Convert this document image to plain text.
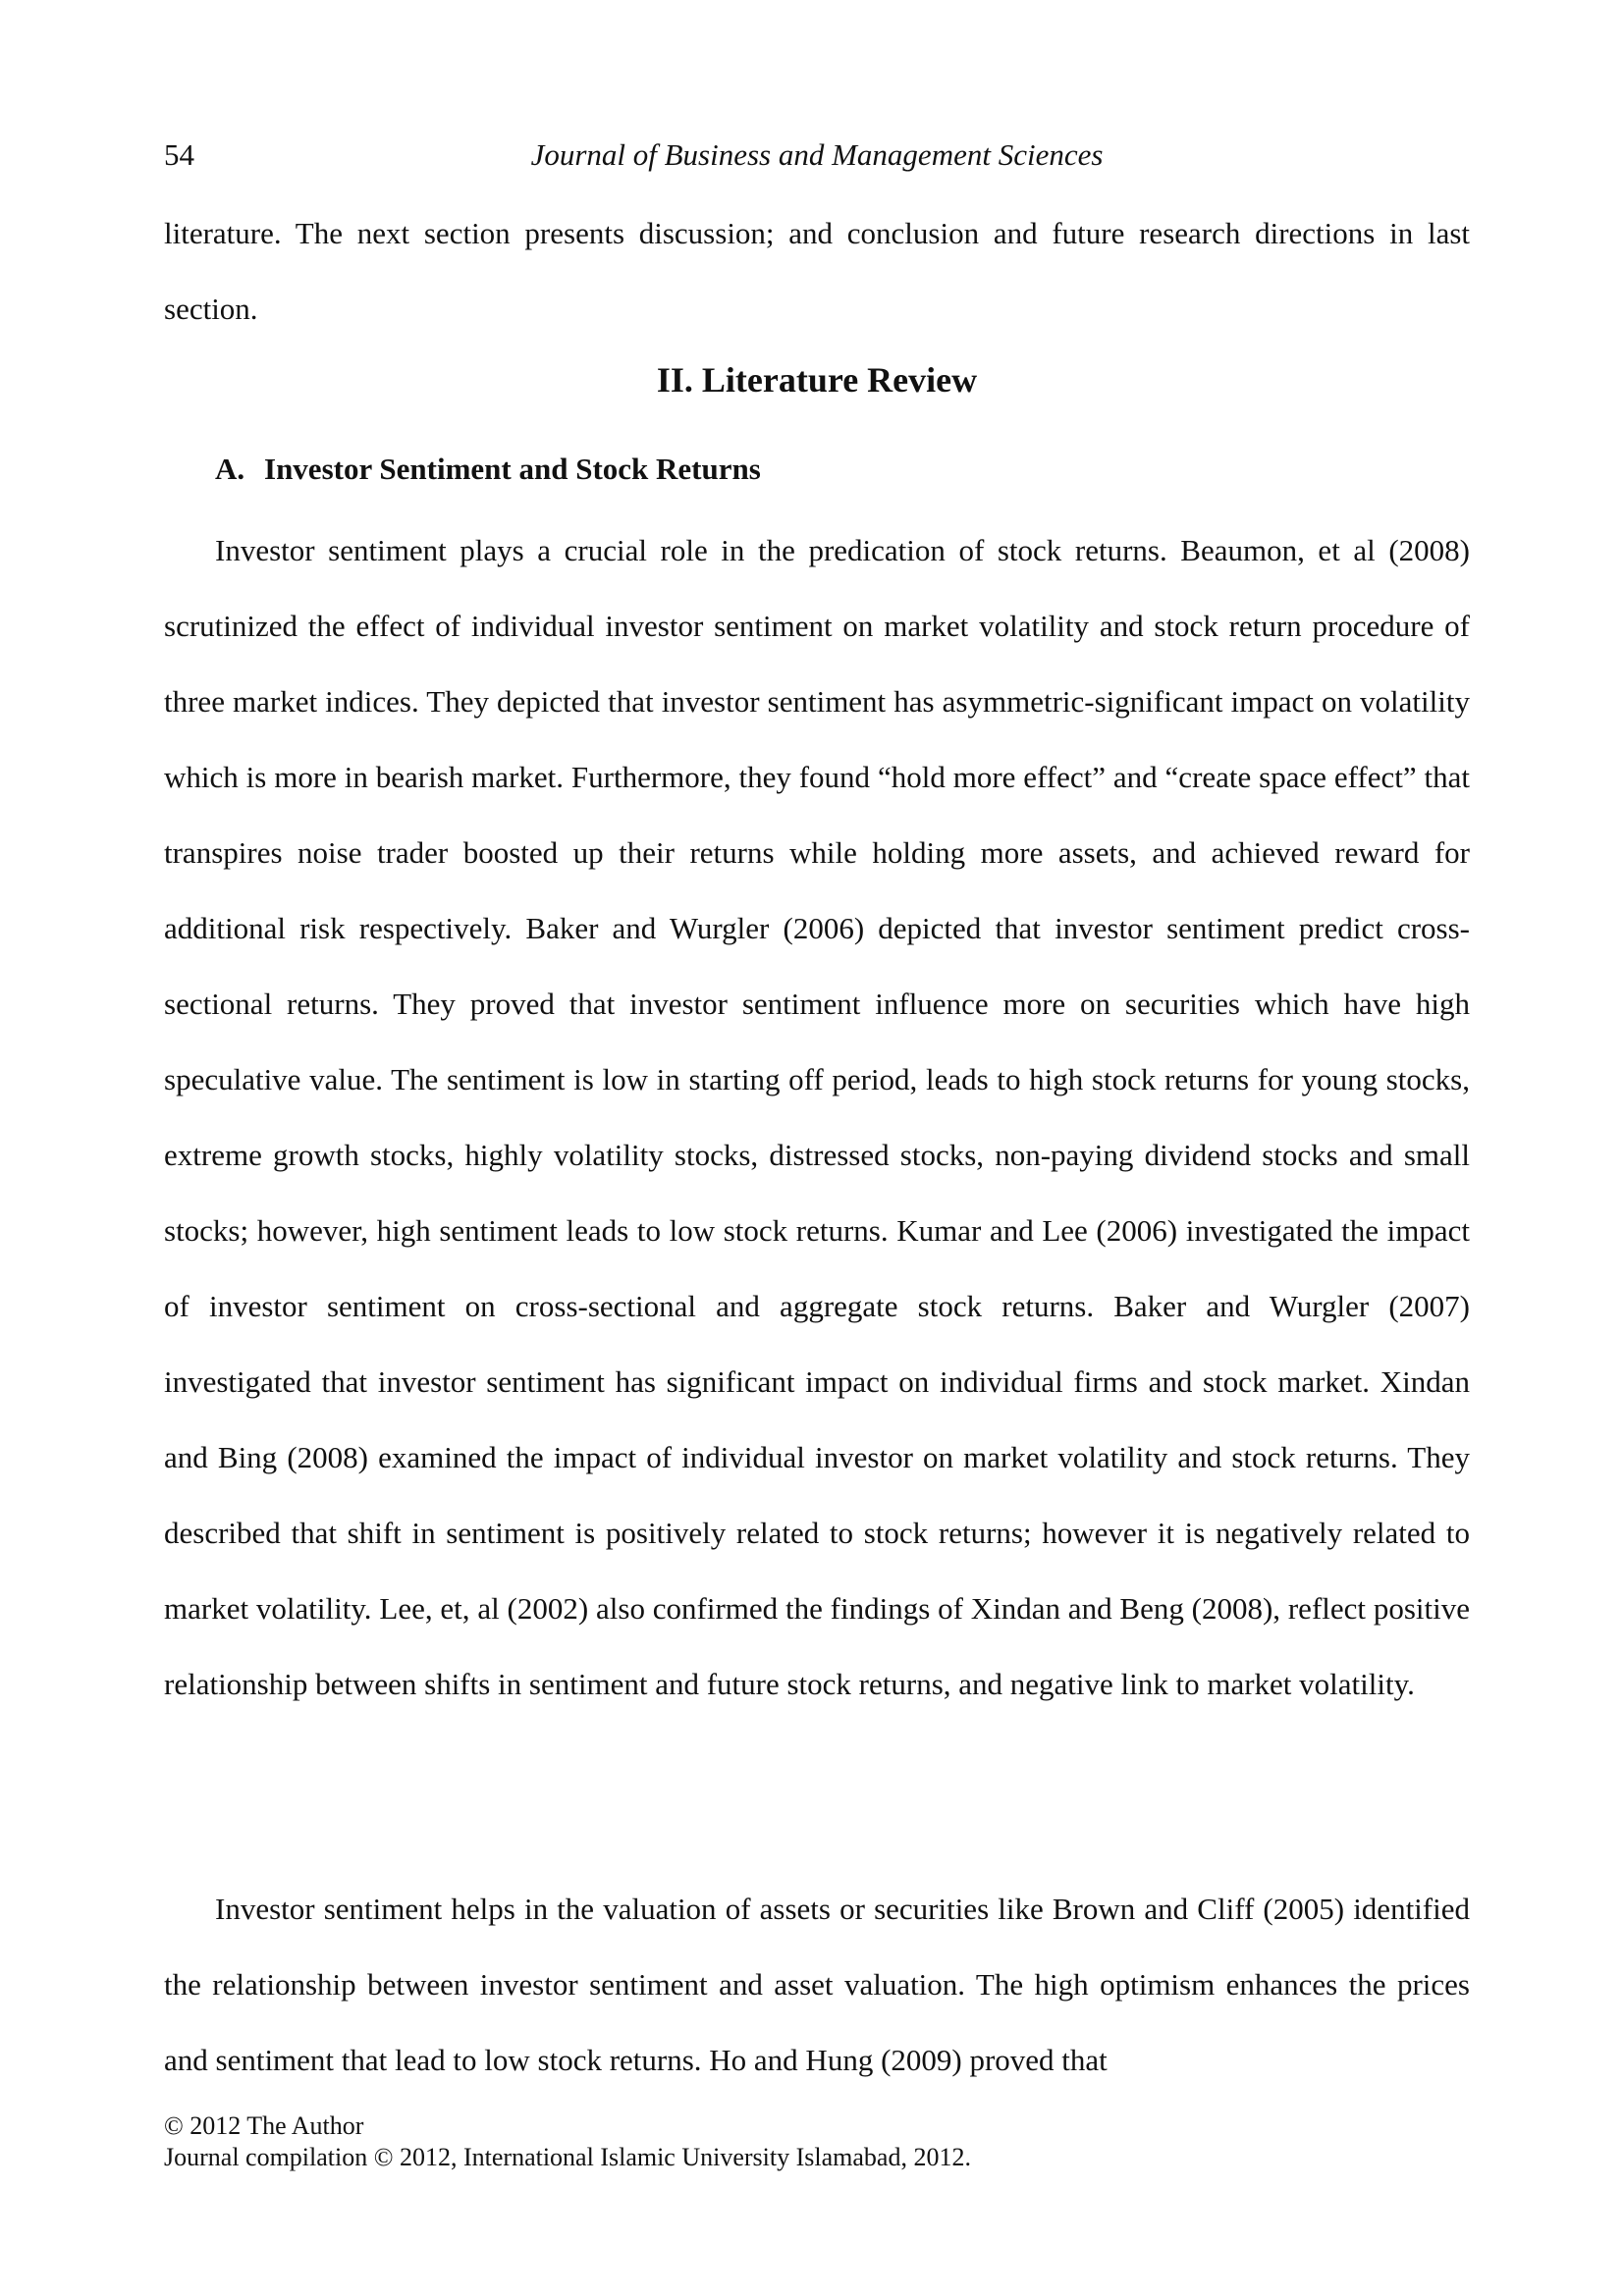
54	Journal of Business and Management Sciences

literature. The next section presents discussion; and conclusion and future research directions in last section.

II. Literature Review
A. Investor Sentiment and Stock Returns

Investor sentiment plays a crucial role in the predication of stock returns. Beaumon, et al (2008) scrutinized the effect of individual investor sentiment on market volatility and stock return procedure of three market indices. They depicted that investor sentiment has asymmetric-significant impact on volatility which is more in bearish market. Furthermore, they found “hold more effect” and “create space effect” that transpires noise trader boosted up their returns while holding more assets, and achieved reward for additional risk respectively. Baker and Wurgler (2006) depicted that investor sentiment predict cross- sectional returns. They proved that investor sentiment influence more on securities which have high speculative value. The sentiment is low in starting off period, leads to high stock returns for young stocks, extreme growth stocks, highly volatility stocks, distressed stocks, non-paying dividend stocks and small stocks; however, high sentiment leads to low stock returns. Kumar and Lee (2006) investigated the impact of investor sentiment on cross-sectional and aggregate stock returns. Baker and Wurgler (2007) investigated that investor sentiment has significant impact on individual firms and stock market. Xindan and Bing (2008) examined the impact of individual investor on market volatility and stock returns. They described that shift in sentiment is positively related to stock returns; however it is negatively related to market volatility. Lee, et, al (2002) also confirmed the findings of Xindan and Beng (2008), reflect positive relationship between shifts in sentiment and future stock returns, and negative link to market volatility.

Investor sentiment helps in the valuation of assets or securities like Brown and Cliff (2005) identified the relationship between investor sentiment and asset valuation. The high optimism enhances the prices and sentiment that lead to low stock returns. Ho and Hung (2009) proved that

© 2012 The Author
Journal compilation © 2012, International Islamic University Islamabad, 2012.
